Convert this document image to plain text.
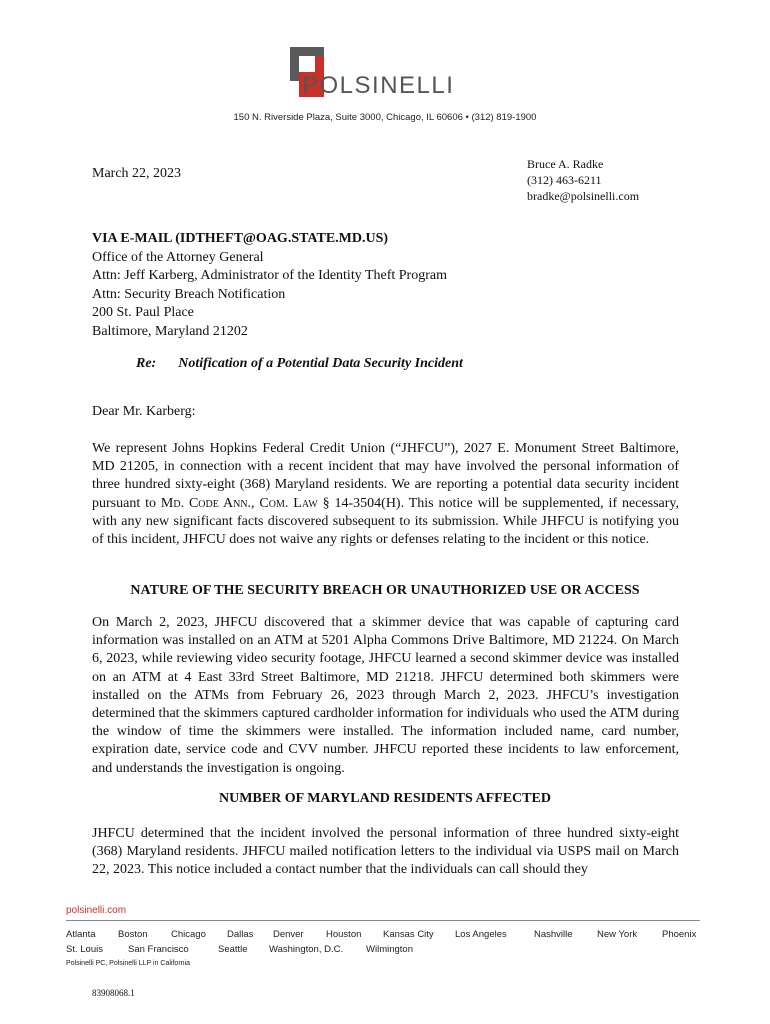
POLSINELLI
150 N. Riverside Plaza, Suite 3000, Chicago, IL 60606 • (312) 819-1900
March 22, 2023
Bruce A. Radke
(312) 463-6211
bradke@polsinelli.com
VIA E-MAIL (IDTHEFT@OAG.STATE.MD.US)
Office of the Attorney General
Attn: Jeff Karberg, Administrator of the Identity Theft Program
Attn: Security Breach Notification
200 St. Paul Place
Baltimore, Maryland 21202
Re: Notification of a Potential Data Security Incident
Dear Mr. Karberg:
We represent Johns Hopkins Federal Credit Union (“JHFCU”), 2027 E. Monument Street Baltimore, MD 21205, in connection with a recent incident that may have involved the personal information of three hundred sixty-eight (368) Maryland residents. We are reporting a potential data security incident pursuant to Md. Code Ann., Com. Law § 14-3504(H). This notice will be supplemented, if necessary, with any new significant facts discovered subsequent to its submission. While JHFCU is notifying you of this incident, JHFCU does not waive any rights or defenses relating to the incident or this notice.
NATURE OF THE SECURITY BREACH OR UNAUTHORIZED USE OR ACCESS
On March 2, 2023, JHFCU discovered that a skimmer device that was capable of capturing card information was installed on an ATM at 5201 Alpha Commons Drive Baltimore, MD 21224. On March 6, 2023, while reviewing video security footage, JHFCU learned a second skimmer device was installed on an ATM at 4 East 33rd Street Baltimore, MD 21218. JHFCU determined both skimmers were installed on the ATMs from February 26, 2023 through March 2, 2023. JHFCU’s investigation determined that the skimmers captured cardholder information for individuals who used the ATM during the window of time the skimmers were installed. The information included name, card number, expiration date, service code and CVV number. JHFCU reported these incidents to law enforcement, and understands the investigation is ongoing.
NUMBER OF MARYLAND RESIDENTS AFFECTED
JHFCU determined that the incident involved the personal information of three hundred sixty-eight (368) Maryland residents. JHFCU mailed notification letters to the individual via USPS mail on March 22, 2023. This notice included a contact number that the individuals can call should they
polsinelli.com
Atlanta Boston Chicago Dallas Denver Houston Kansas City Los Angeles	Nashville	New York	Phoenix
St. Louis	San Francisco	Seattle Washington, D.C. Wilmington
Polsinelli PC, Polsinelli LLP in California
83908068.1
